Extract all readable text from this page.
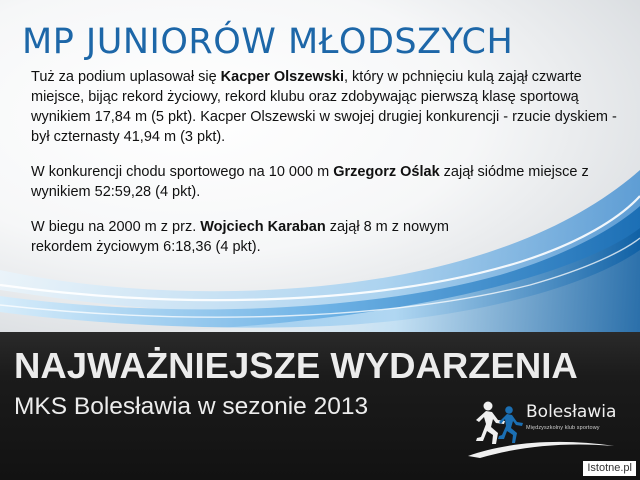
MP JUNIORÓW MŁODSZYCH

Tuż za podium uplasował się Kacper Olszewski, który w pchnięciu kulą zajął czwarte miejsce, bijąc rekord życiowy, rekord klubu oraz zdobywając pierwszą klasę sportową wynikiem 17,84 m (5 pkt). Kacper Olszewski w swojej drugiej konkurencji - rzucie dyskiem - był czternasty 41,94 m (3 pkt).

W konkurencji chodu sportowego na 10 000 m Grzegorz Oślak zajął siódme miejsce z wynikiem 52:59,28 (4 pkt).

W biegu na 2000 m z prz. Wojciech Karaban zajął 8 m z nowym rekordem życiowym 6:18,36 (4 pkt).

NAJWAŻNIEJSZE WYDARZENIA
MKS Bolesławia w sezonie 2013	Bolesławia
Międzyszkolny klub sportowy
Istotne.pl
